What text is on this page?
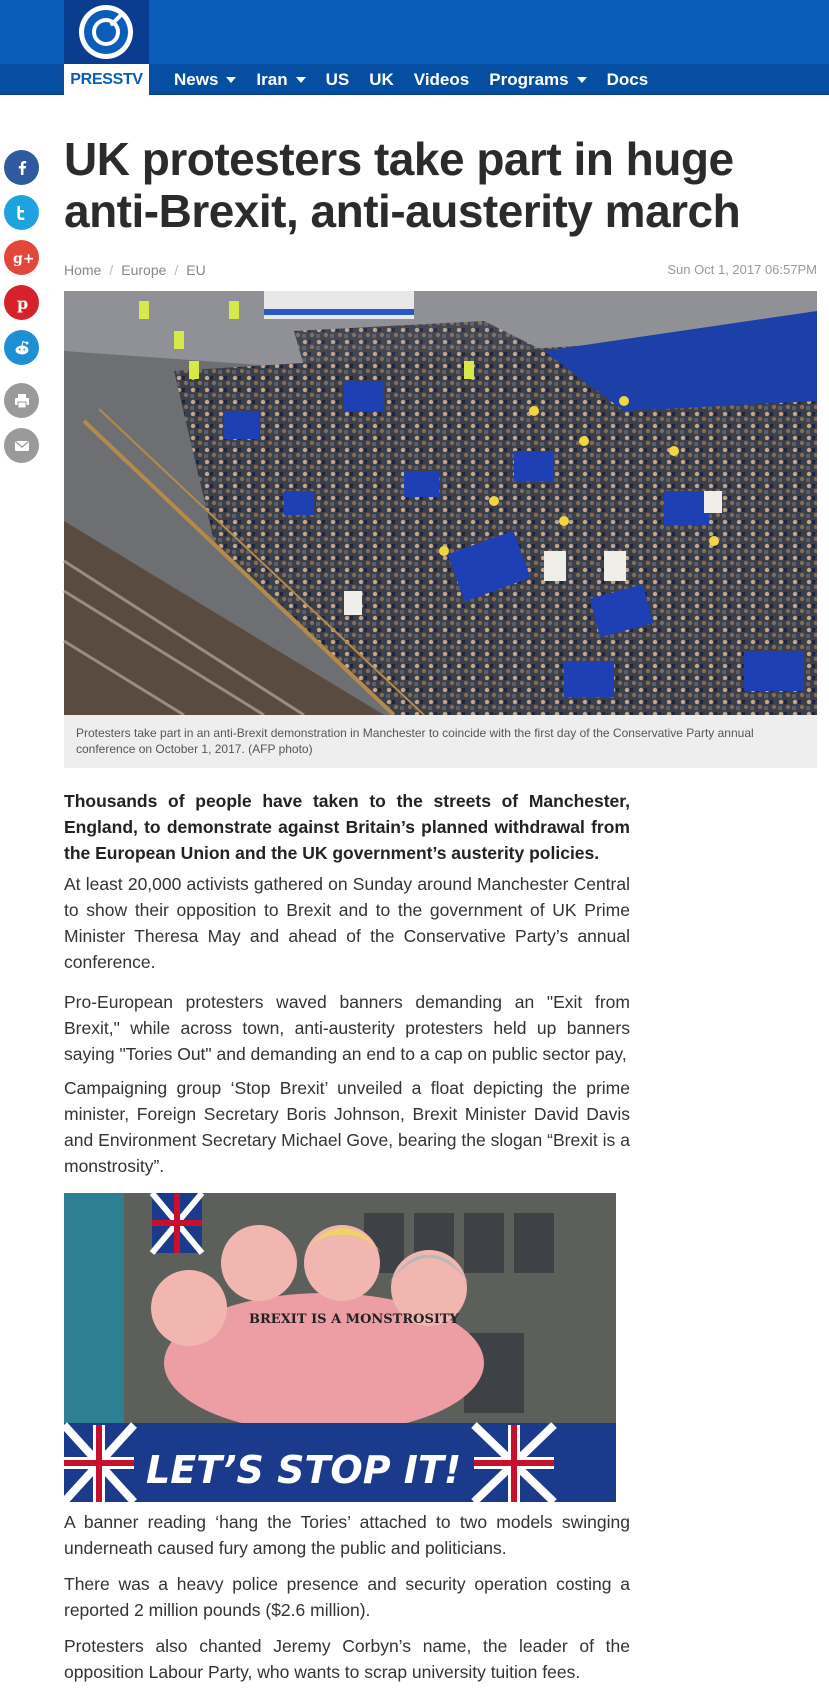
PRESSTV	News Iran US UK Videos Programs Docs
g+
p
UK protesters take part in huge anti-Brexit, anti-austerity march
Home / Europe / EU	Sun Oct 1, 2017 06:57PM
Protesters take part in an anti-Brexit demonstration in Manchester to coincide with the first day of the Conservative Party annual conference on October 1, 2017. (AFP photo)

Thousands of people have taken to the streets of Manchester, England, to demonstrate against Britain’s planned withdrawal from the European Union and the UK government’s austerity policies.

At least 20,000 activists gathered on Sunday around Manchester Central to show their opposition to Brexit and to the government of UK Prime Minister Theresa May and ahead of the Conservative Party’s annual conference.

Pro-European protesters waved banners demanding an "Exit from Brexit," while across town, anti-austerity protesters held up banners saying "Tories Out" and demanding an end to a cap on public sector pay,

Campaigning group ‘Stop Brexit’ unveiled a float depicting the prime minister, Foreign Secretary Boris Johnson, Brexit Minister David Davis and Environment Secretary Michael Gove, bearing the slogan “Brexit is a monstrosity”.

BREXIT IS A MONSTROSITY
LET’S STOP IT!

A banner reading ‘hang the Tories’ attached to two models swinging underneath caused fury among the public and politicians.

There was a heavy police presence and security operation costing a reported 2 million pounds ($2.6 million).

Protesters also chanted Jeremy Corbyn’s name, the leader of the opposition Labour Party, who wants to scrap university tuition fees.
